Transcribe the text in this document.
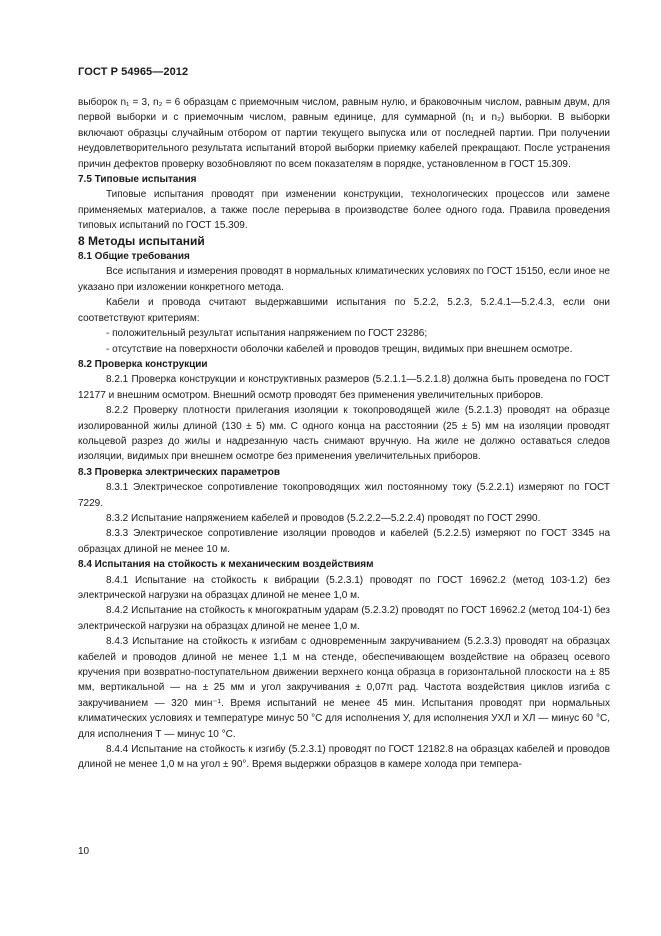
ГОСТ Р 54965—2012

выборок n₁ = 3, n₂ = 6 образцам с приемочным числом, равным нулю, и браковочным числом, равным двум, для первой выборки и с приемочным числом, равным единице, для суммарной (n₁ и n₂) выборки. В выборки включают образцы случайным отбором от партии текущего выпуска или от последней партии. При получении неудовлетворительного результата испытаний второй выборки приемку кабелей прекращают. После устранения причин дефектов проверку возобновляют по всем показателям в порядке, установленном в ГОСТ 15.309.

7.5 Типовые испытания

Типовые испытания проводят при изменении конструкции, технологических процессов или замене применяемых материалов, а также после перерыва в производстве более одного года. Правила проведения типовых испытаний по ГОСТ 15.309.

8 Методы испытаний

8.1 Общие требования

Все испытания и измерения проводят в нормальных климатических условиях по ГОСТ 15150, если иное не указано при изложении конкретного метода.

Кабели и провода считают выдержавшими испытания по 5.2.2, 5.2.3, 5.2.4.1—5.2.4.3, если они соответствуют критериям:

- положительный результат испытания напряжением по ГОСТ 23286;

- отсутствие на поверхности оболочки кабелей и проводов трещин, видимых при внешнем осмотре.

8.2 Проверка конструкции

8.2.1 Проверка конструкции и конструктивных размеров (5.2.1.1—5.2.1.8) должна быть проведена по ГОСТ 12177 и внешним осмотром. Внешний осмотр проводят без применения увеличительных приборов.

8.2.2 Проверку плотности прилегания изоляции к токопроводящей жиле (5.2.1.3) проводят на образце изолированной жилы длиной (130 ± 5) мм. С одного конца на расстоянии (25 ± 5) мм на изоляции проводят кольцевой разрез до жилы и надрезанную часть снимают вручную. На жиле не должно оставаться следов изоляции, видимых при внешнем осмотре без применения увеличительных приборов.

8.3 Проверка электрических параметров

8.3.1 Электрическое сопротивление токопроводящих жил постоянному току (5.2.2.1) измеряют по ГОСТ 7229.

8.3.2 Испытание напряжением кабелей и проводов (5.2.2.2—5.2.2.4) проводят по ГОСТ 2990.

8.3.3 Электрическое сопротивление изоляции проводов и кабелей (5.2.2.5) измеряют по ГОСТ 3345 на образцах длиной не менее 10 м.

8.4 Испытания на стойкость к механическим воздействиям

8.4.1 Испытание на стойкость к вибрации (5.2.3.1) проводят по ГОСТ 16962.2 (метод 103-1.2) без электрической нагрузки на образцах длиной не менее 1,0 м.

8.4.2 Испытание на стойкость к многократным ударам (5.2.3.2) проводят по ГОСТ 16962.2 (метод 104-1) без электрической нагрузки на образцах длиной не менее 1,0 м.

8.4.3 Испытание на стойкость к изгибам с одновременным закручиванием (5.2.3.3) проводят на образцах кабелей и проводов длиной не менее 1,1 м на стенде, обеспечивающем воздействие на образец осевого кручения при возвратно-поступательном движении верхнего конца образца в горизонтальной плоскости на ± 85 мм, вертикальной — на ± 25 мм и угол закручивания ± 0,07π рад. Частота воздействия циклов изгиба с закручиванием — 320 мин⁻¹. Время испытаний не менее 45 мин. Испытания проводят при нормальных климатических условиях и температуре минус 50 °С для исполнения У, для исполнения УХЛ и ХЛ — минус 60 °С, для исполнения Т — минус 10 °С.

8.4.4 Испытание на стойкость к изгибу (5.2.3.1) проводят по ГОСТ 12182.8 на образцах кабелей и проводов длиной не менее 1,0 м на угол ± 90°. Время выдержки образцов в камере холода при темпера-

10
